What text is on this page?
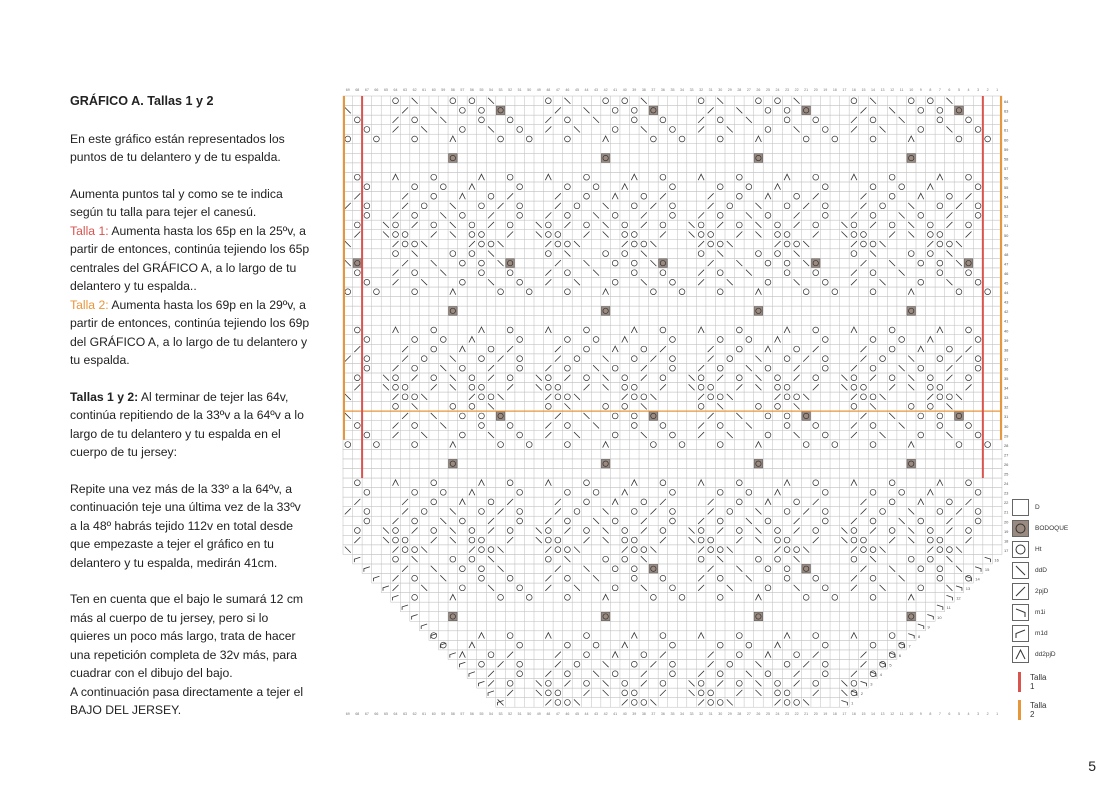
GRÁFICO A. Tallas 1 y 2

En este gráfico están representados los puntos de tu delantero y de tu espalda.

Aumenta puntos tal y como se te indica según tu talla para tejer el canesú.
Talla 1: Aumenta hasta los 65p en la 25ºv, a partir de entonces, continúa tejiendo los 65p centrales del GRÁFICO A, a lo largo de tu delantero y tu espalda..
Talla 2: Aumenta hasta los 69p en la 29ºv, a partir de entonces, continúa tejiendo los 69p del GRÁFICO A, a lo largo de tu delantero y tu espalda.

Tallas 1 y 2: Al terminar de tejer las 64v, continúa repitiendo de la 33ºv a la 64ºv a lo largo de tu delantero y tu espalda en el cuerpo de tu jersey:

Repite una vez más de la 33º a la 64ºv, a continuación teje una última vez de la 33ºv a la 48º habrás tejido 112v en total desde que empezaste a tejer el gráfico en tu delantero y tu espalda, medirán 41cm.

Ten en cuenta que el bajo le sumará 12 cm más al cuerpo de tu jersey, pero si lo quieres un poco más largo, trata de hacer una repetición completa de 32v más, para cuadrar con el dibujo del bajo.
A continuación pasa directamente a tejer el BAJO DEL JERSEY.

1
1
2
2
3
3
4
4
5
5
6
6
7
7
8
8
9
9
10
10
11
11
12
12
13
13
14
14
15
15
16
16
17
17
18
18
19
19
20
20
21
21
22
22
23
23
24
24
25
25
26
26
27
27
28
28
29
29
30
30
31
31
32
32
33
33
34
34
35
35
36
36
37
37
38
38
39
39
40
40
41
41
42
42
43
43
44
44
45
45
46
46
47
47
48
48
49
49
50
50
51
51
52
52
53
53
54
54
55
55
56
56
57
57
58
58
59
59
60
60
61
61
62
62
63
63
64
64
65
65
66
66
67
67
68
68
69
69
1
2
3
4
5
6
7
8
9
10
11
12
13
14
15
16
17
18
19
20
21
22
23
24
25
26
27
28
29
30
31
32
33
34
35
36
37
38
39
40
41
42
43
44
45
46
47
48
49
50
51
52
53
54
55
56
57
58
59
60
61
62
63
64
D
BODOQUE
Ht
ddD
2pjD
m1i
m1d
dd2pjD
Talla 1
Talla 2
5
